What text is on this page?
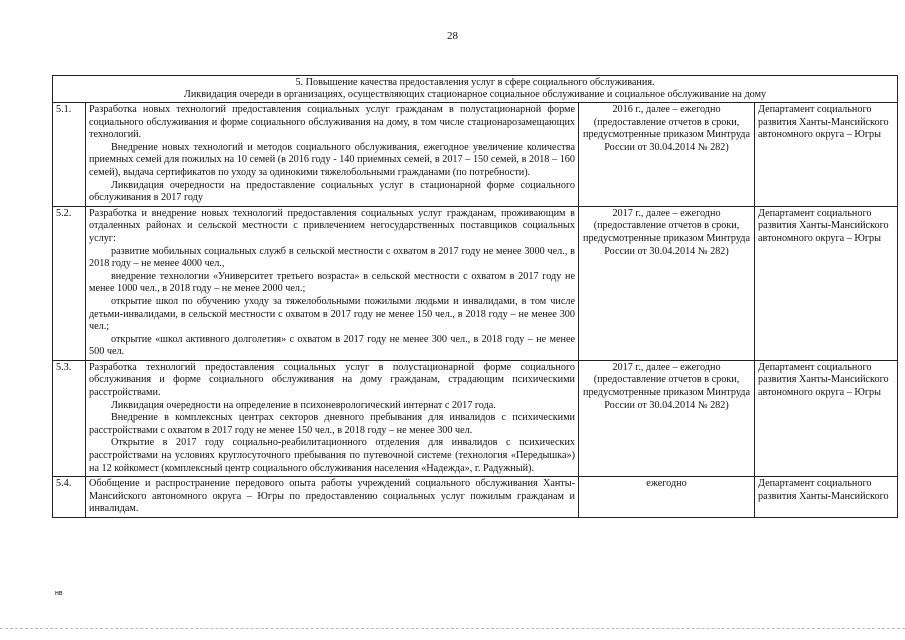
28
5. Повышение качества предоставления услуг в сфере социального обслуживания.
Ликвидация очереди в организациях, осуществляющих стационарное социальное обслуживание и социальное обслуживание на дому			

5.1.	Разработка новых технологий предоставления социальных услуг гражданам в полустационарной форме социального обслуживания и форме социального обслуживания на дому, в том числе стационарозамещающих технологий.

Внедрение новых технологий и методов социального обслуживания, ежегодное увеличение количества приемных семей для пожилых на 10 семей (в 2016 году - 140 приемных семей, в 2017 – 150 семей, в 2018 – 160 семей), выдача сертификатов по уходу за одинокими тяжелобольными гражданами (по потребности).

Ликвидация очередности на предоставление социальных услуг в стационарной форме социального обслуживания в 2017 году	2016 г., далее – ежегодно (предоставление отчетов в сроки, предусмотренные приказом Минтруда России от 30.04.2014 № 282)	Департамент социального развития Ханты-Мансийского автономного округа – Югры
5.2.	Разработка и внедрение новых технологий предоставления социальных услуг гражданам, проживающим в отдаленных районах и сельской местности с привлечением негосударственных поставщиков социальных услуг:

развитие мобильных социальных служб в сельской местности с охватом в 2017 году не менее 3000 чел., в 2018 году – не менее 4000 чел.,

внедрение технологии «Университет третьего возраста» в сельской местности с охватом в 2017 году не менее 1000 чел., в 2018 году – не менее 2000 чел.;

открытие школ по обучению уходу за тяжелобольными пожилыми людьми и инвалидами, в том числе детьми-инвалидами, в сельской местности с охватом в 2017 году не менее 150 чел., в 2018 году – не менее 300 чел.;

открытие «школ активного долголетия» с охватом в 2017 году не менее 300 чел., в 2018 году – не менее 500 чел.	2017 г., далее – ежегодно (предоставление отчетов в сроки, предусмотренные приказом Минтруда России от 30.04.2014 № 282)	Департамент социального развития Ханты-Мансийского автономного округа – Югры
5.3.	Разработка технологий предоставления социальных услуг в полустационарной форме социального обслуживания и форме социального обслуживания на дому гражданам, страдающим психическими расстройствами.

Ликвидация очередности на определение в психоневрологический интернат с 2017 года.

Внедрение в комплексных центрах секторов дневного пребывания для инвалидов с психическими расстройствами с охватом в 2017 году не менее 150 чел., в 2018 году – не менее 300 чел.

Открытие в 2017 году социально-реабилитационного отделения для инвалидов с психических расстройствами на условиях круглосуточного пребывания по путевочной системе (технология «Передышка») на 12 койкомест (комплексный центр социального обслуживания населения «Надежда», г. Радужный).	2017 г., далее – ежегодно (предоставление отчетов в сроки, предусмотренные приказом Минтруда России от 30.04.2014 № 282)	Департамент социального развития Ханты-Мансийского автономного округа – Югры
5.4.	Обобщение и распространение передового опыта работы учреждений социального обслуживания Ханты-Мансийского автономного округа – Югры по предоставлению социальных услуг пожилым гражданам и инвалидам.	ежегодно	Департамент социального развития Ханты-Мансийского
нв
